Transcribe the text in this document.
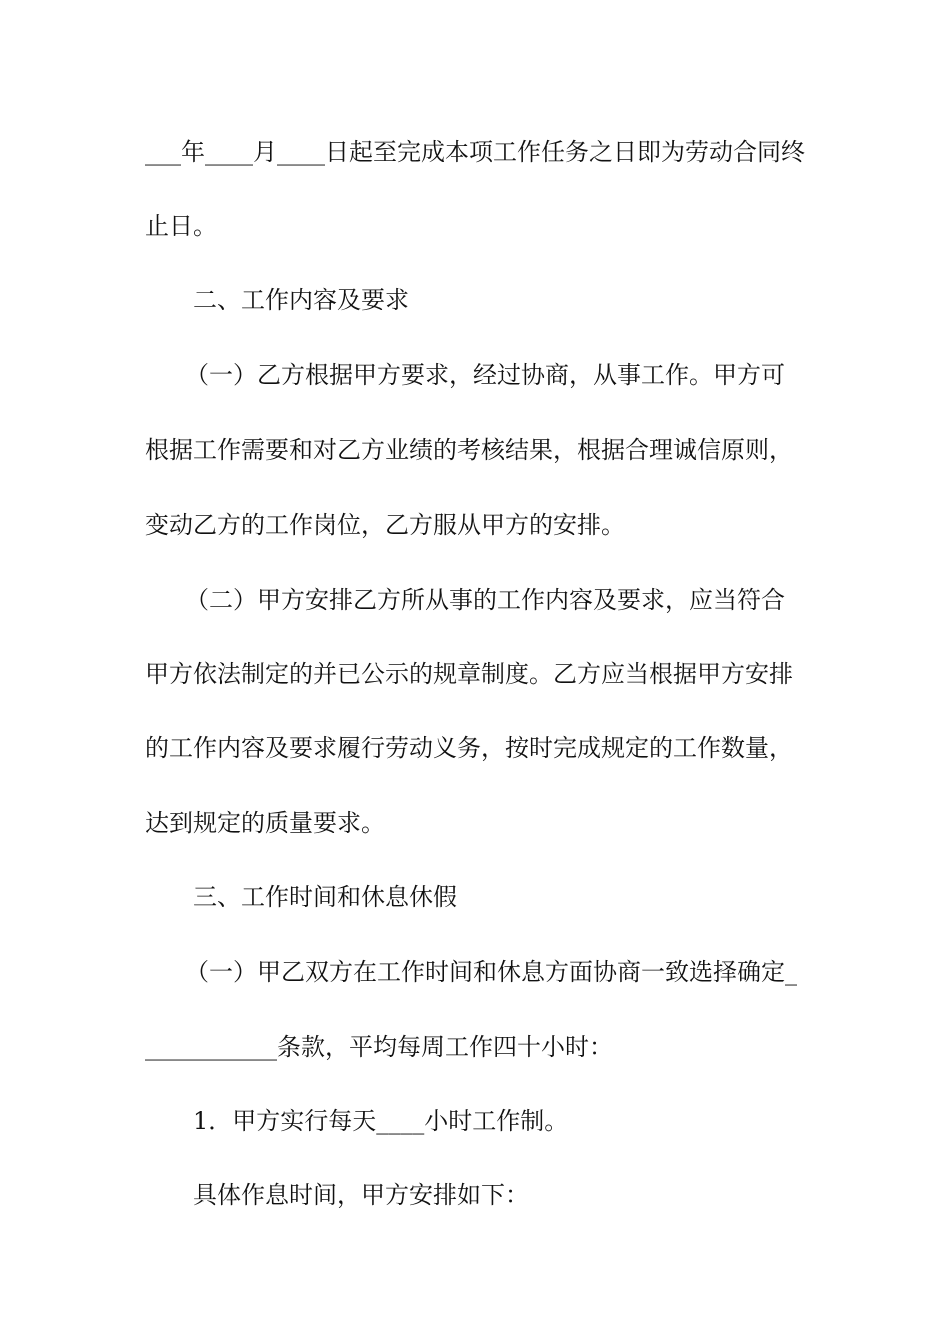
___年____月____日起至完成本项工作任务之日即为劳动合同终
止日。
二、工作内容及要求
（一）乙方根据甲方要求，经过协商，从事工作。甲方可
根据工作需要和对乙方业绩的考核结果，根据合理诚信原则，
变动乙方的工作岗位，乙方服从甲方的安排。
（二）甲方安排乙方所从事的工作内容及要求，应当符合
甲方依法制定的并已公示的规章制度。乙方应当根据甲方安排
的工作内容及要求履行劳动义务，按时完成规定的工作数量，
达到规定的质量要求。
三、工作时间和休息休假
（一）甲乙双方在工作时间和休息方面协商一致选择确定_
___________条款，平均每周工作四十小时：
1．甲方实行每天____小时工作制。
具体作息时间，甲方安排如下：
